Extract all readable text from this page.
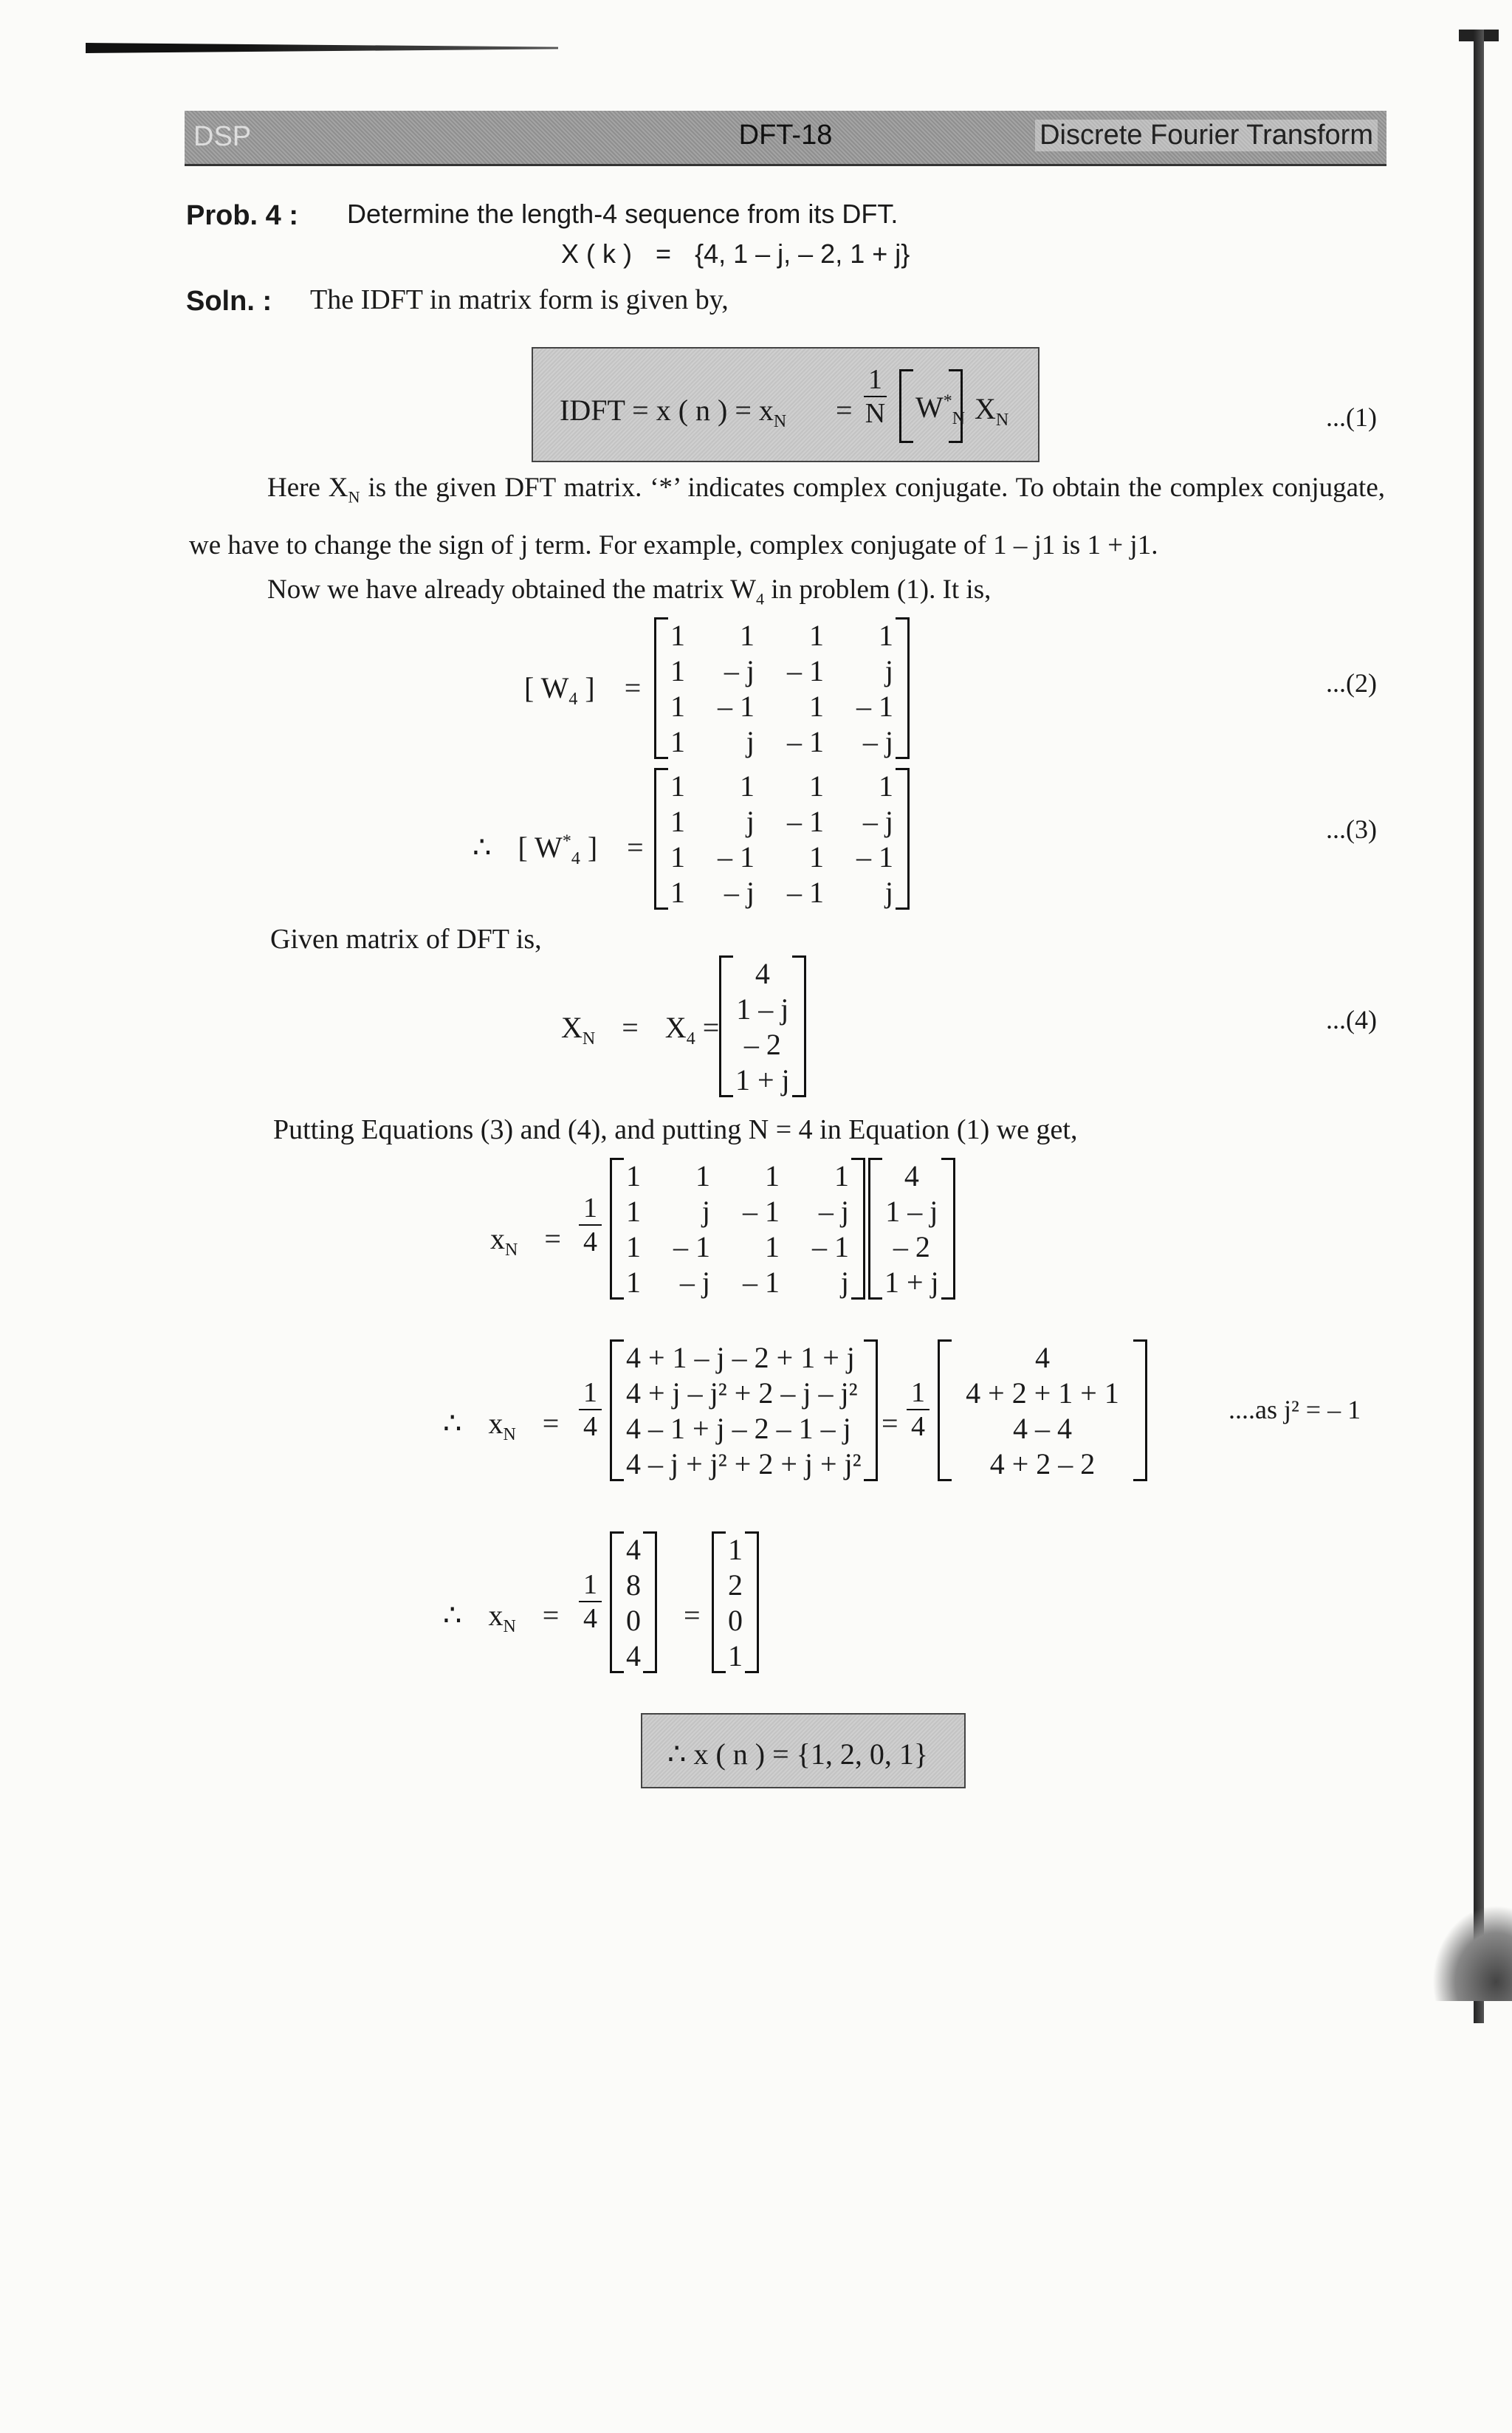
DSP	DFT-18	Discrete Fourier Transform
Prob. 4 : Determine the length-4 sequence from its DFT.
X ( k ) = {4, 1 – j, – 2, 1 + j}
Soln. : The IDFT in matrix form is given by,
IDFT = x ( n ) = $x_N = \frac{1}{N} W^*_N$ $X_N$	...(1)
Here $X_N$ is the given DFT matrix. ‘*’ indicates complex conjugate. To obtain the complex conjugate, we have to change the sign of j term. For example, complex conjugate of 1 – j1 is 1 + j1.
Now we have already obtained the matrix $W_4$ in problem (1). It is,
[ $W_4$ ] =
1	1	1	1
1	– j	– 1	j
1	– 1	1	– 1
1	j	– 1	– j
...(2)
∴ [ $W^*_4$ ] =
1	1	1	1
1	j	– 1	– j
1	– 1	1	– 1
1	– j	– 1	j
...(3)
Given matrix of DFT is,
$X_N = X_4$ =
4
1 – j
– 2
1 + j
...(4)
Putting Equations (3) and (4), and putting N = 4 in Equation (1) we get,
$x_N = \frac{1}{4}$
1	1	1	1
1	j	– 1	– j
1	– 1	1	– 1
1	– j	– 1	j
4
1 – j
– 2
1 + j
∴ $x_N = \frac{1}{4}$
4 + 1 – j – 2 + 1 + j
4 + j – j² + 2 – j – j²
4 – 1 + j – 2 – 1 – j
4 – j + j² + 2 + j + j²
= $\frac{1}{4}$
4
4 + 2 + 1 + 1
4 – 4
4 + 2 – 2
....as j² = – 1
∴ $x_N = \frac{1}{4}$
4
8
0
4
=
1
2
0
1
∴ x ( n ) = {1, 2, 0, 1}
